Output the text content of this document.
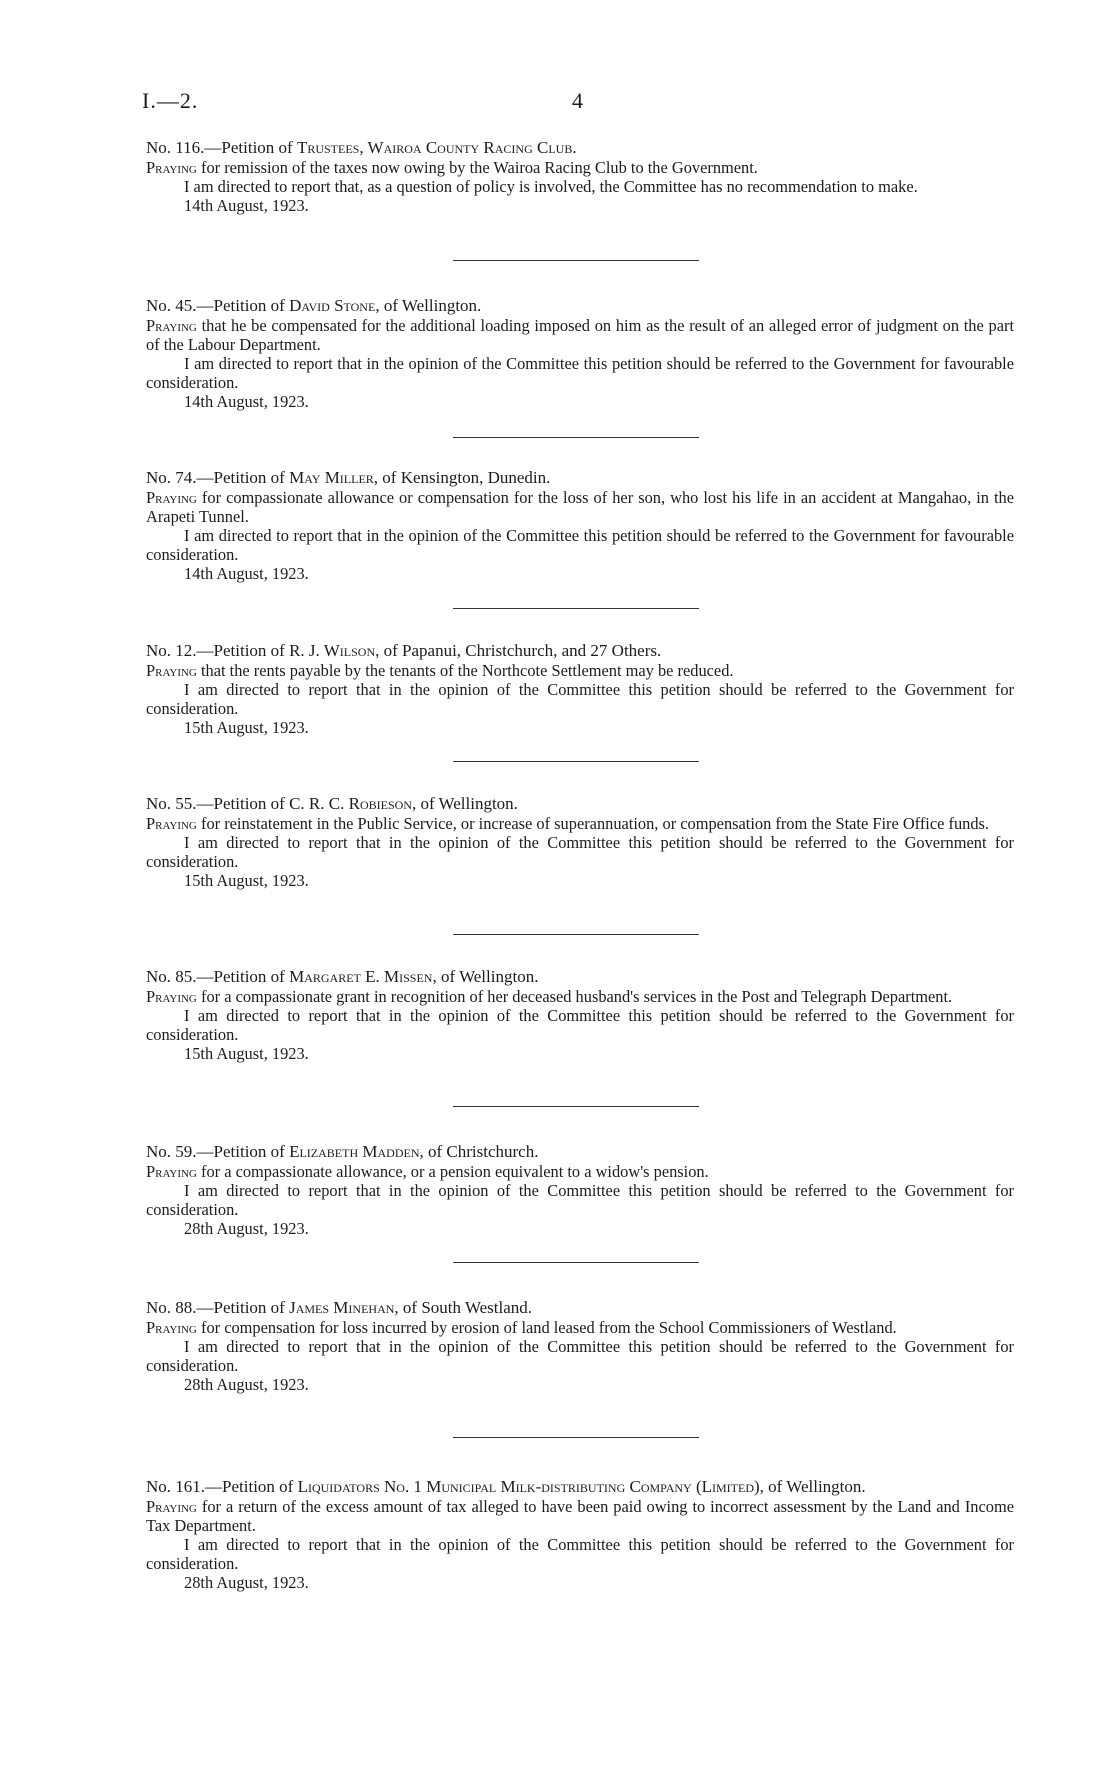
I.—2.	4

No. 116.—Petition of Trustees, Wairoa County Racing Club.

Praying for remission of the taxes now owing by the Wairoa Racing Club to the Government.

I am directed to report that, as a question of policy is involved, the Committee has no recommendation to make.

14th August, 1923.

No. 45.—Petition of David Stone, of Wellington.

Praying that he be compensated for the additional loading imposed on him as the result of an alleged error of judgment on the part of the Labour Department.

I am directed to report that in the opinion of the Committee this petition should be referred to the Government for favourable consideration.

14th August, 1923.

No. 74.—Petition of May Miller, of Kensington, Dunedin.

Praying for compassionate allowance or compensation for the loss of her son, who lost his life in an accident at Mangahao, in the Arapeti Tunnel.

I am directed to report that in the opinion of the Committee this petition should be referred to the Government for favourable consideration.

14th August, 1923.

No. 12.—Petition of R. J. Wilson, of Papanui, Christchurch, and 27 Others.

Praying that the rents payable by the tenants of the Northcote Settlement may be reduced.

I am directed to report that in the opinion of the Committee this petition should be referred to the Government for consideration.

15th August, 1923.

No. 55.—Petition of C. R. C. Robieson, of Wellington.

Praying for reinstatement in the Public Service, or increase of superannuation, or compensation from the State Fire Office funds.

I am directed to report that in the opinion of the Committee this petition should be referred to the Government for consideration.

15th August, 1923.

No. 85.—Petition of Margaret E. Missen, of Wellington.

Praying for a compassionate grant in recognition of her deceased husband's services in the Post and Telegraph Department.

I am directed to report that in the opinion of the Committee this petition should be referred to the Government for consideration.

15th August, 1923.

No. 59.—Petition of Elizabeth Madden, of Christchurch.

Praying for a compassionate allowance, or a pension equivalent to a widow's pension.

I am directed to report that in the opinion of the Committee this petition should be referred to the Government for consideration.

28th August, 1923.

No. 88.—Petition of James Minehan, of South Westland.

Praying for compensation for loss incurred by erosion of land leased from the School Commissioners of Westland.

I am directed to report that in the opinion of the Committee this petition should be referred to the Government for consideration.

28th August, 1923.

No. 161.—Petition of Liquidators No. 1 Municipal Milk-distributing Company (Limited), of Wellington.

Praying for a return of the excess amount of tax alleged to have been paid owing to incorrect assessment by the Land and Income Tax Department.

I am directed to report that in the opinion of the Committee this petition should be referred to the Government for consideration.

28th August, 1923.
